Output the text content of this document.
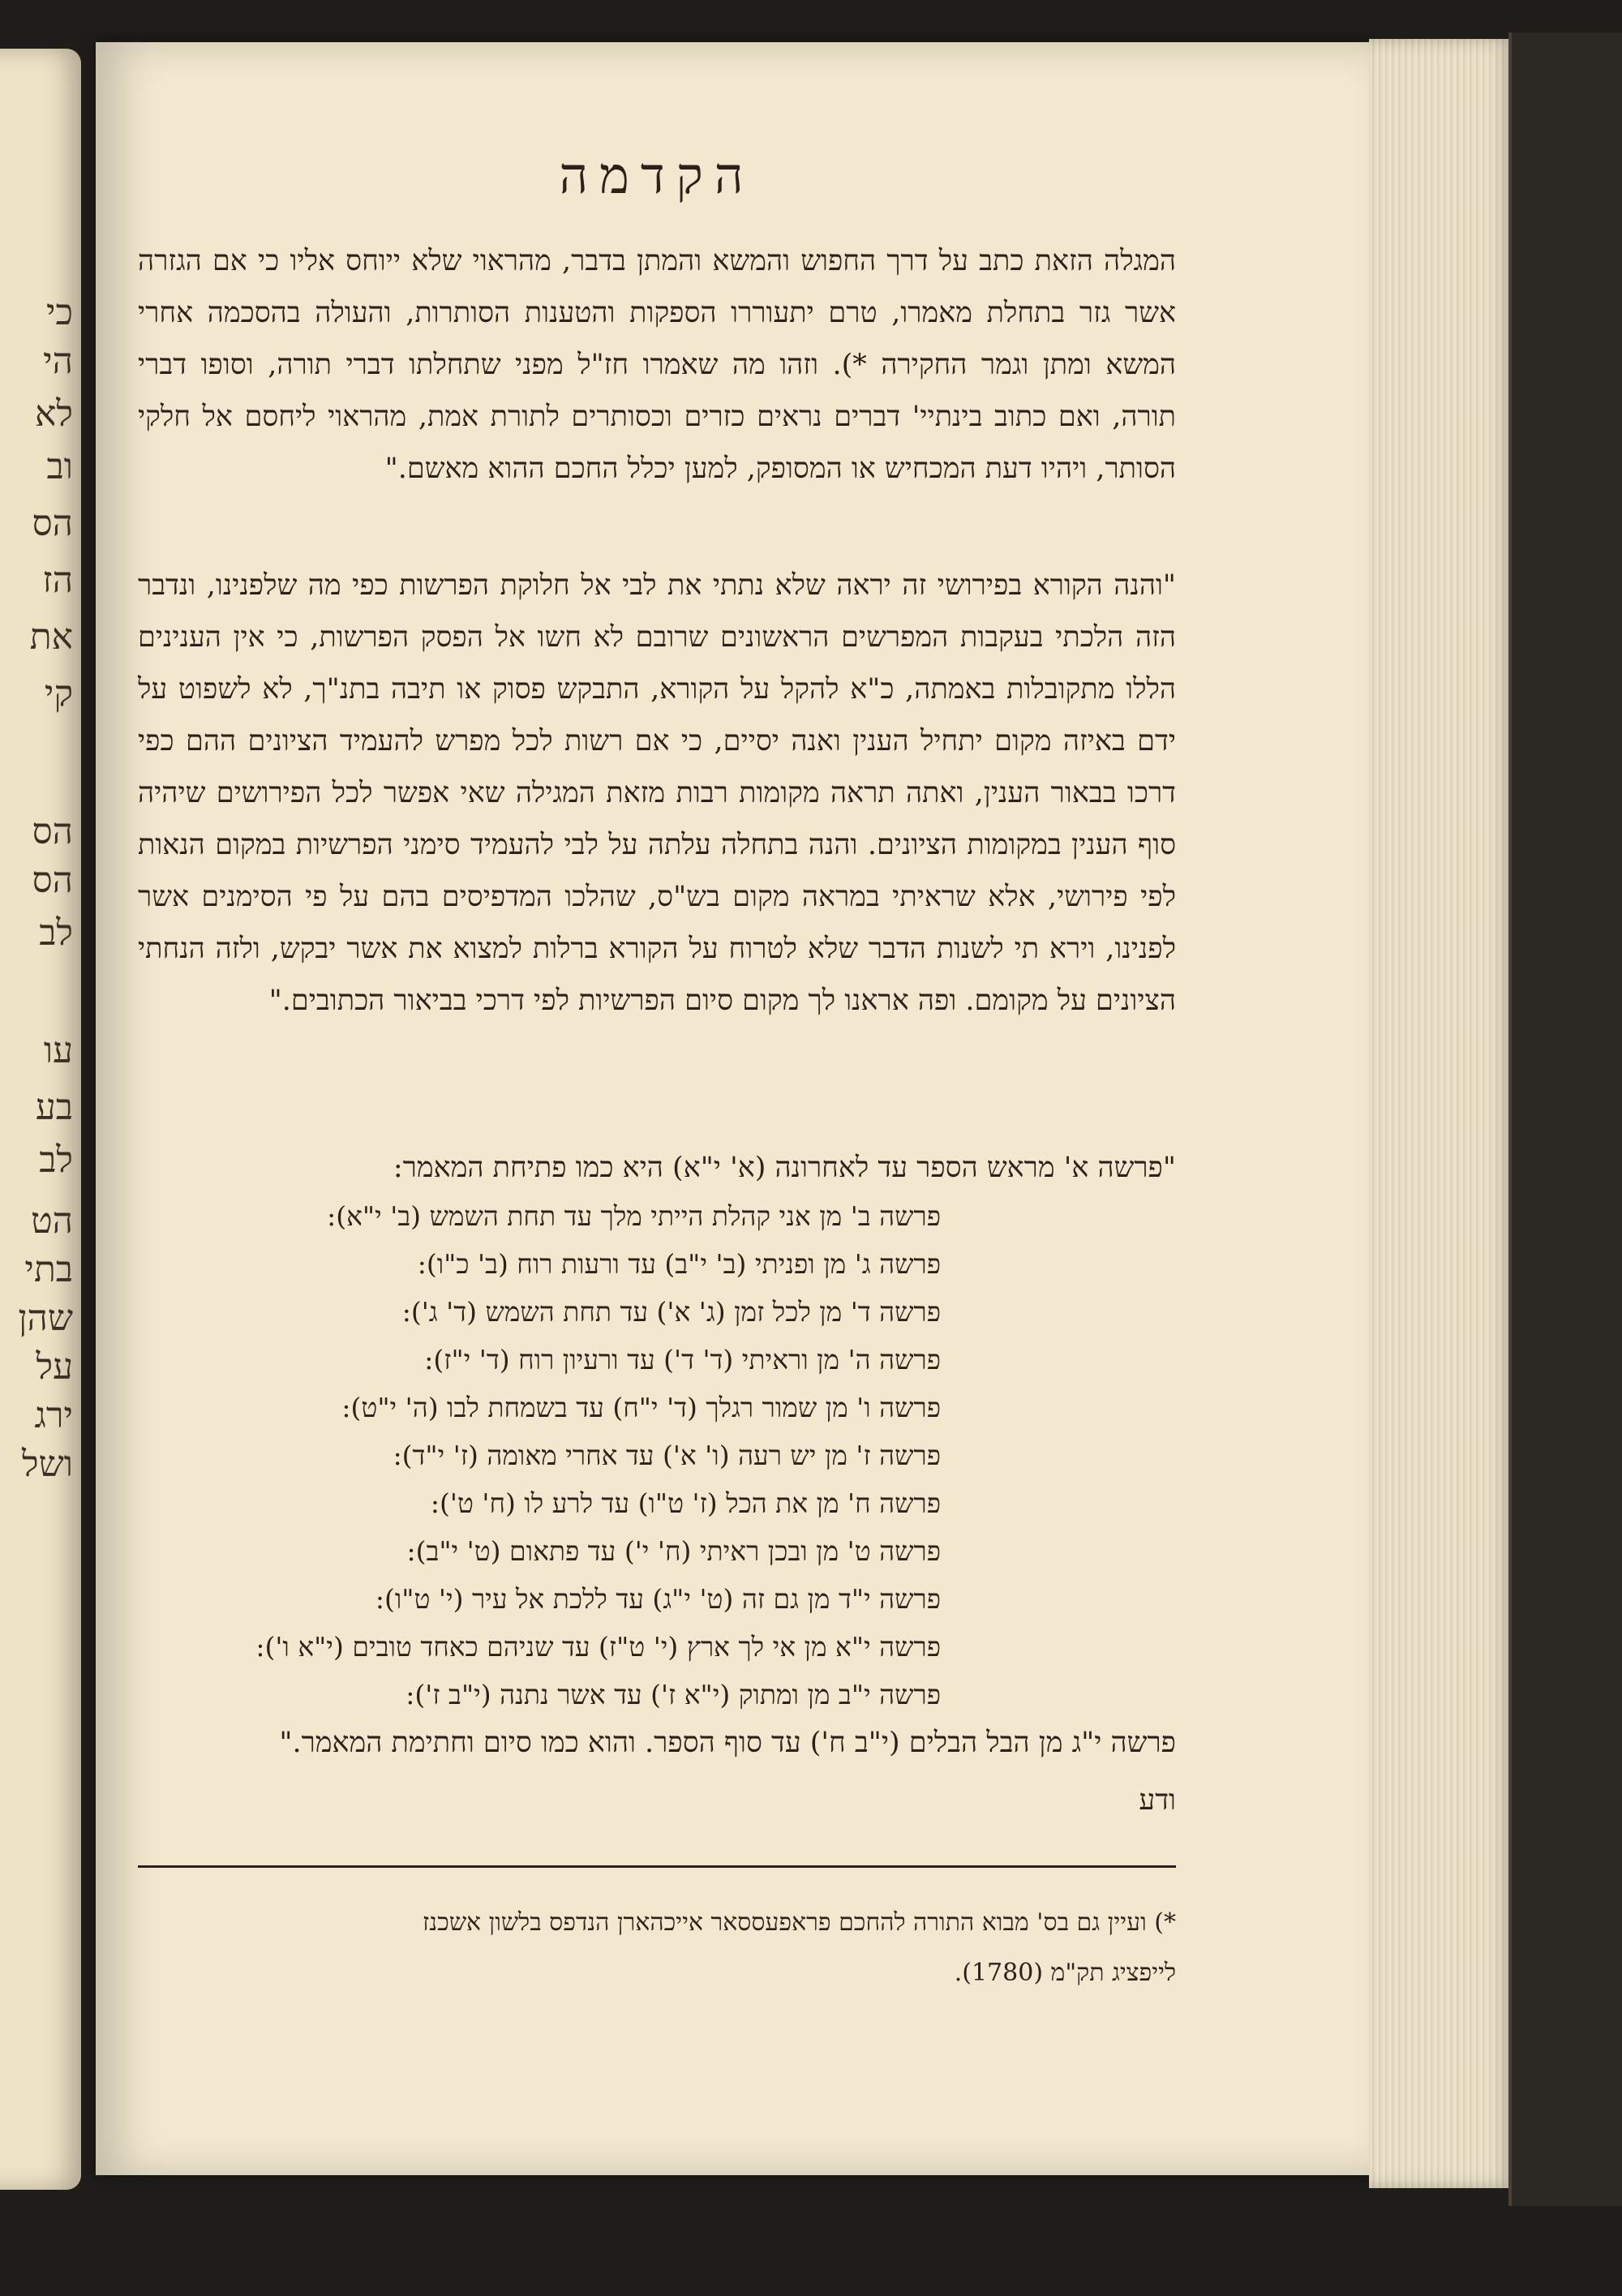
כי
הי
לא
וב
הס
הז
את
קי
הס
הס
לב
עו
בע
לב
הט
בתי
שהן
על
ירג
ושל
הקדמה

המגלה הזאת כתב על דרך החפוש והמשא והמתן בדבר, מהראוי שלא ייוחס אליו כי אם הגזרה אשר גזר בתחלת מאמרו, טרם יתעוררו הספקות והטענות הסותרות, והעולה בהסכמה אחרי המשא ומתן וגמר החקירה *). וזהו מה שאמרו חז"ל מפני שתחלתו דברי תורה, וסופו דברי תורה, ואם כתוב בינתיי' דברים נראים כזרים וכסותרים לתורת אמת, מהראוי ליחסם אל חלקי הסותר, ויהיו דעת המכחיש או המסופק, למען יכלל החכם ההוא מאשם."

"והנה הקורא בפירושי זה יראה שלא נתתי את לבי אל חלוקת הפרשות כפי מה שלפנינו, ונדבר הזה הלכתי בעקבות המפרשים הראשונים שרובם לא חשו אל הפסק הפרשות, כי אין הענינים הללו מתקובלות באמתה, כ"א להקל על הקורא, התבקש פסוק או תיבה בתנ"ך, לא לשפוט על ידם באיזה מקום יתחיל הענין ואנה יסיים, כי אם רשות לכל מפרש להעמיד הציונים ההם כפי דרכו בבאור הענין, ואתה תראה מקומות רבות מזאת המגילה שאי אפשר לכל הפירושים שיהיה סוף הענין במקומות הציונים. והנה בתחלה עלתה על לבי להעמיד סימני הפרשיות במקום הנאות לפי פירושי, אלא שראיתי במראה מקום בש"ס, שהלכו המדפיסים בהם על פי הסימנים אשר לפנינו, וירא תי לשנות הדבר שלא לטרוח על הקורא ברלות למצוא את אשר יבקש, ולזה הנחתי הציונים על מקומם. ופה אראנו לך מקום סיום הפרשיות לפי דרכי בביאור הכתובים."

"פרשה א' מראש הספר עד לאחרונה (א' י"א) היא כמו פתיחת המאמר:
פרשה ב' מן אני קהלת הייתי מלך עד תחת השמש (ב' י"א):
פרשה ג' מן ופניתי (ב' י"ב) עד ורעות רוח (ב' כ"ו):
פרשה ד' מן לכל זמן (ג' א') עד תחת השמש (ד' ג'):
פרשה ה' מן וראיתי (ד' ד') עד ורעיון רוח (ד' י"ז):
פרשה ו' מן שמור רגלך (ד' י"ח) עד בשמחת לבו (ה' י"ט):
פרשה ז' מן יש רעה (ו' א') עד אחרי מאומה (ז' י"ד):
פרשה ח' מן את הכל (ז' ט"ו) עד לרע לו (ח' ט'):
פרשה ט' מן ובכן ראיתי (ח' י') עד פתאום (ט' י"ב):
פרשה י"ד מן גם זה (ט' י"ג) עד ללכת אל עיר (י' ט"ו):
פרשה י"א מן אי לך ארץ (י' ט"ז) עד שניהם כאחד טובים (י"א ו'):
פרשה י"ב מן ומתוק (י"א ז') עד אשר נתנה (י"ב ז'):
פרשה י"ג מן הבל הבלים (י"ב ח') עד סוף הספר. והוא כמו סיום וחתימת המאמר."
ודע
*) ועיין גם בס' מבוא התורה להחכם פראפעססאר אייכהארן הנדפס בלשון אשכנז
לייפציג תק"מ (1780).
